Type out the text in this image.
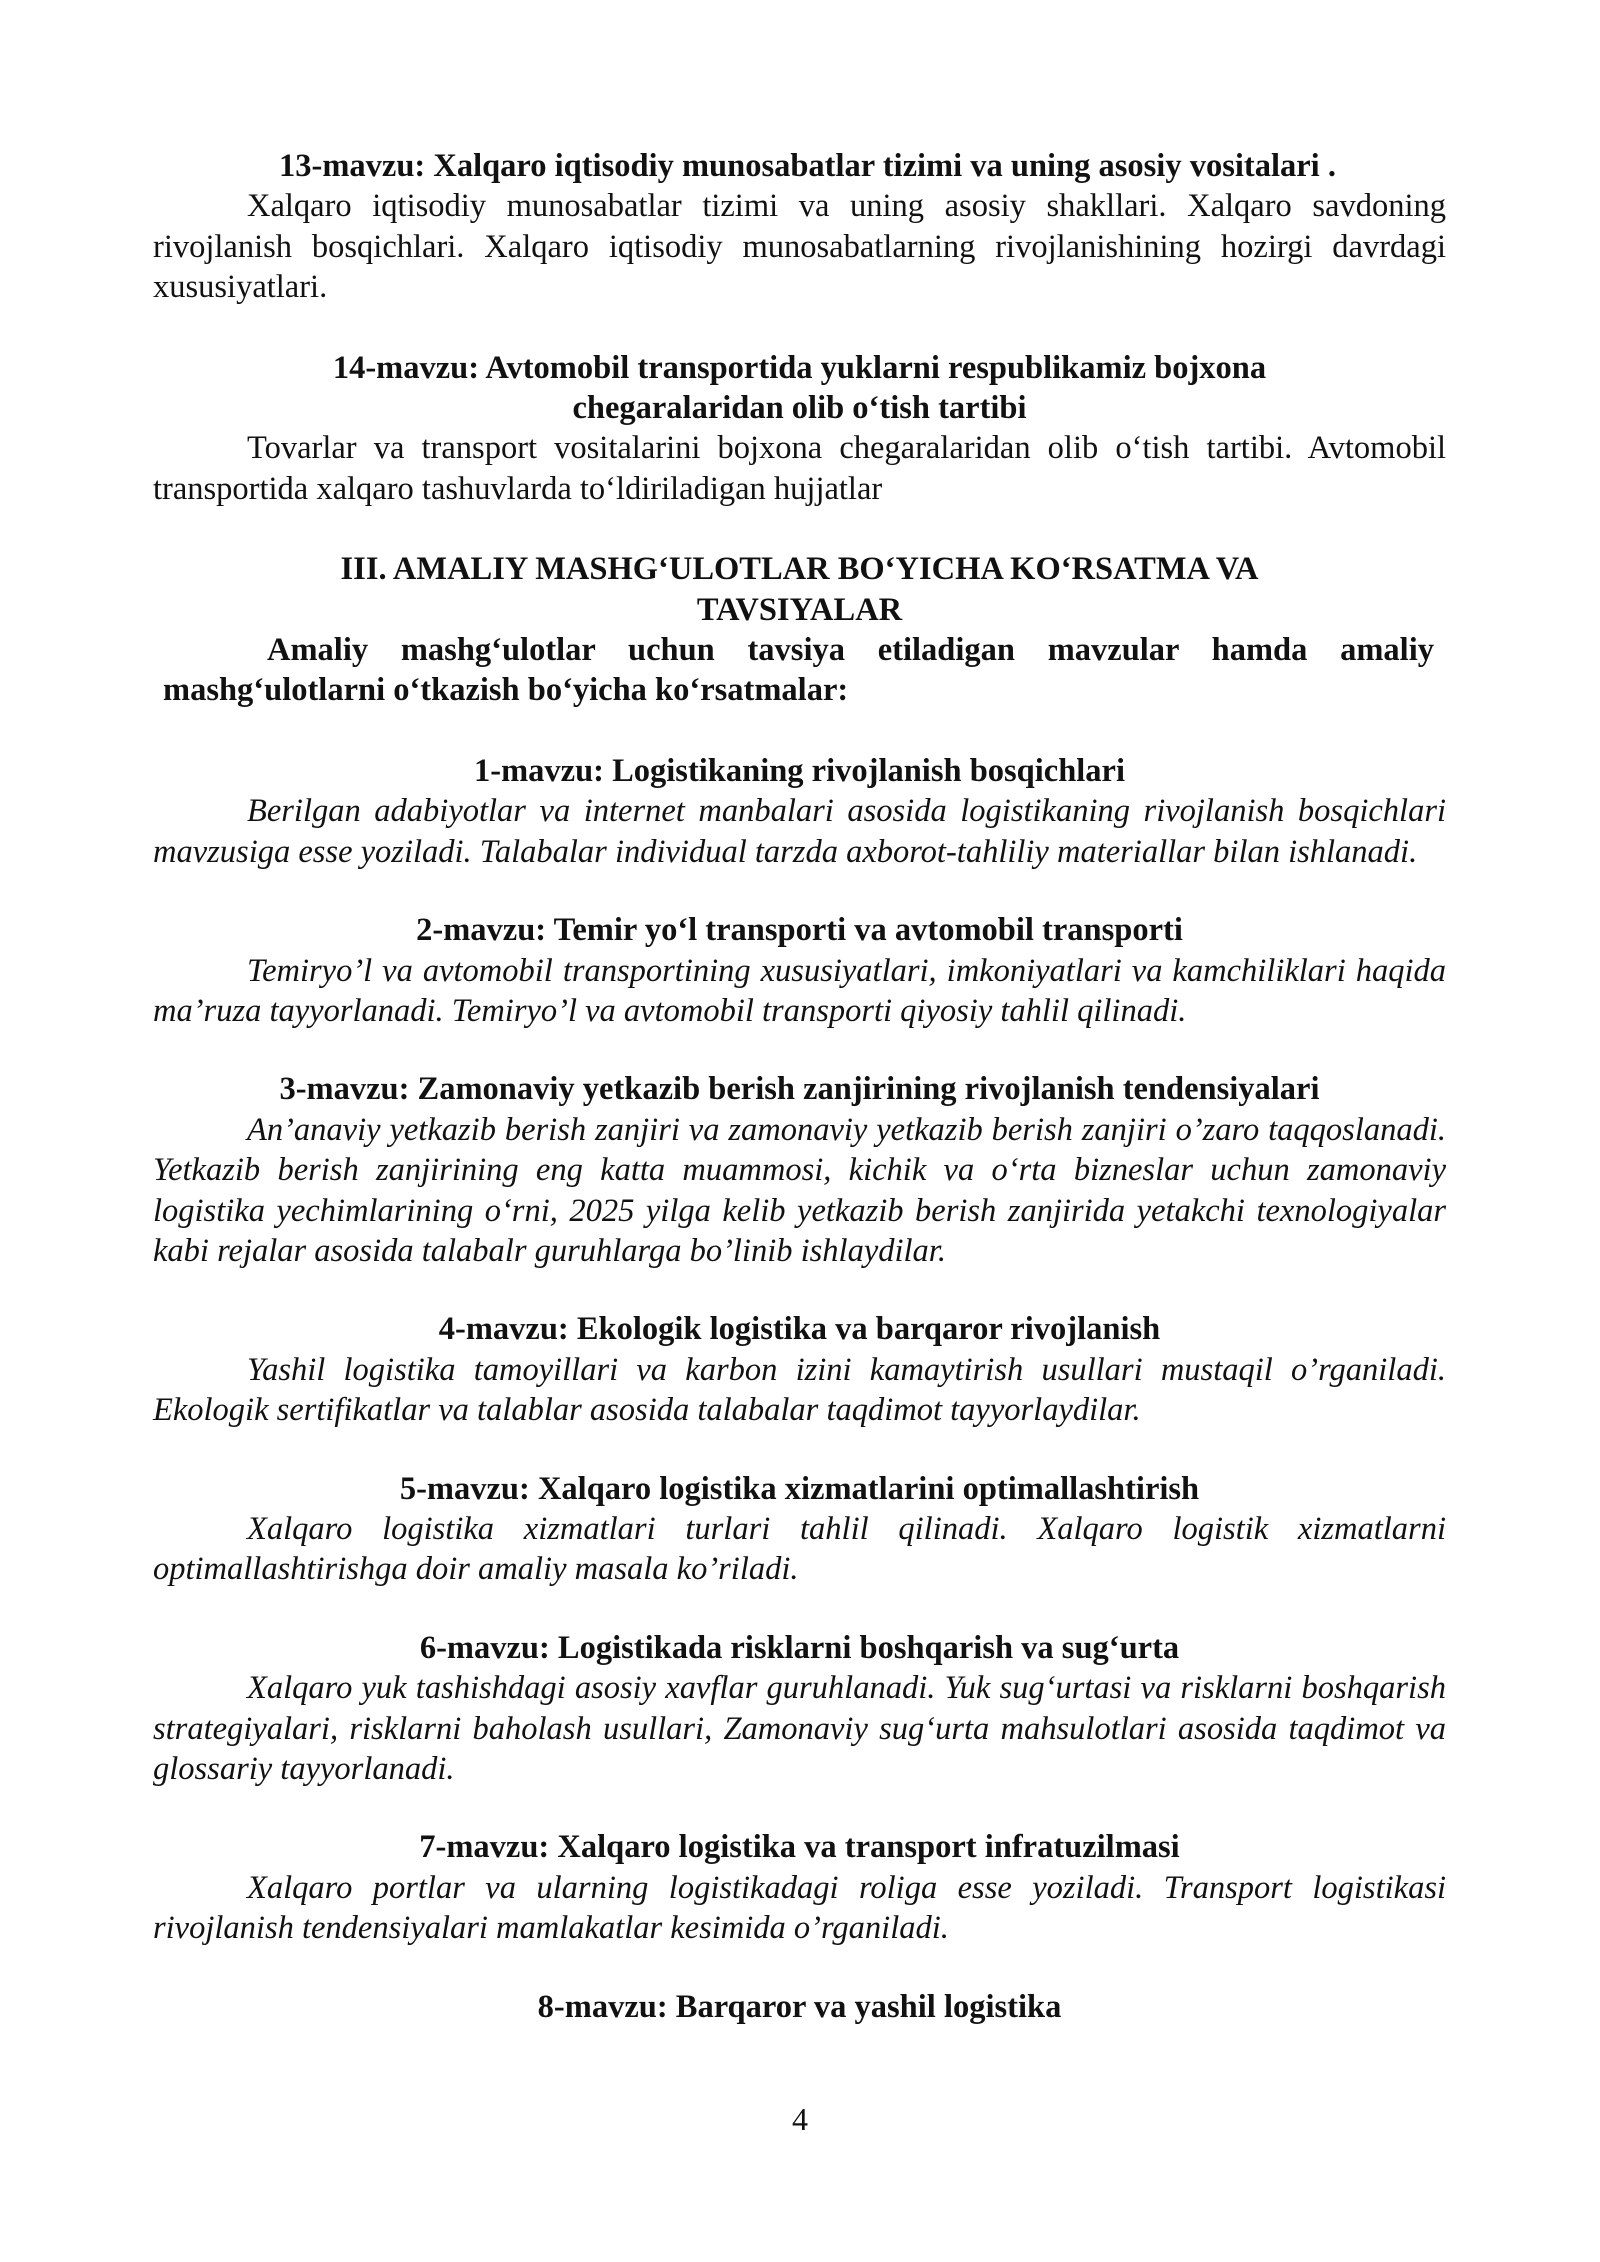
13-mavzu: Xalqaro iqtisodiy munosabatlar tizimi va uning asosiy vositalari .

Xalqaro iqtisodiy munosabatlar tizimi va uning asosiy shakllari. Xalqaro savdoning rivojlanish bosqichlari. Xalqaro iqtisodiy munosabatlarning rivojlanishining hozirgi davrdagi xususiyatlari.

14-mavzu: Avtomobil transportida yuklarni respublikamiz bojxona

chegaralaridan olib o‘tish tartibi

Tovarlar va transport vositalarini bojxona chegaralaridan olib o‘tish tartibi. Avtomobil transportida xalqaro tashuvlarda to‘ldiriladigan hujjatlar

III. AMALIY MASHG‘ULOTLAR BO‘YICHA KO‘RSATMA VA

TAVSIYALAR

Amaliy mashg‘ulotlar uchun tavsiya etiladigan mavzular hamda amaliy mashg‘ulotlarni o‘tkazish bo‘yicha ko‘rsatmalar:

1-mavzu: Logistikaning rivojlanish bosqichlari

Berilgan adabiyotlar va internet manbalari asosida logistikaning rivojlanish bosqichlari mavzusiga esse yoziladi. Talabalar individual tarzda axborot-tahliliy materiallar bilan ishlanadi.

2-mavzu: Temir yo‘l transporti va avtomobil transporti

Temiryo’l va avtomobil transportining xususiyatlari, imkoniyatlari va kamchiliklari haqida ma’ruza tayyorlanadi. Temiryo’l va avtomobil transporti qiyosiy tahlil qilinadi.

3-mavzu: Zamonaviy yetkazib berish zanjirining rivojlanish tendensiyalari

An’anaviy yetkazib berish zanjiri va zamonaviy yetkazib berish zanjiri o’zaro taqqoslanadi. Yetkazib berish zanjirining eng katta muammosi, kichik va o‘rta bizneslar uchun zamonaviy logistika yechimlarining o‘rni, 2025 yilga kelib yetkazib berish zanjirida yetakchi texnologiyalar kabi rejalar asosida talabalr guruhlarga bo’linib ishlaydilar.

4-mavzu: Ekologik logistika va barqaror rivojlanish

Yashil logistika tamoyillari va karbon izini kamaytirish usullari mustaqil o’rganiladi. Ekologik sertifikatlar va talablar asosida talabalar taqdimot tayyorlaydilar.

5-mavzu: Xalqaro logistika xizmatlarini optimallashtirish

Xalqaro logistika xizmatlari turlari tahlil qilinadi. Xalqaro logistik xizmatlarni optimallashtirishga doir amaliy masala ko’riladi.

6-mavzu: Logistikada risklarni boshqarish va sug‘urta

Xalqaro yuk tashishdagi asosiy xavflar guruhlanadi. Yuk sug‘urtasi va risklarni boshqarish strategiyalari, risklarni baholash usullari, Zamonaviy sug‘urta mahsulotlari asosida taqdimot va glossariy tayyorlanadi.

7-mavzu: Xalqaro logistika va transport infratuzilmasi

Xalqaro portlar va ularning logistikadagi roliga esse yoziladi. Transport logistikasi rivojlanish tendensiyalari mamlakatlar kesimida o’rganiladi.

8-mavzu: Barqaror va yashil logistika

4
